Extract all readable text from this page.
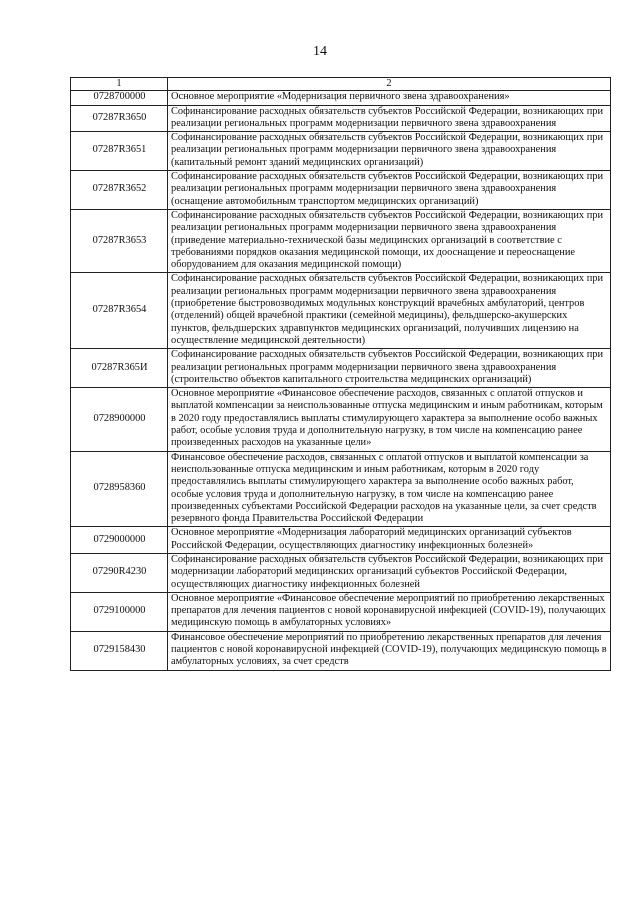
14
1	2
0728700000	Основное мероприятие «Модернизация первичного звена здравоохранения»
07287R3650	Софинансирование расходных обязательств субъектов Российской Федерации, возникающих при реализации региональных программ модернизации первичного звена здравоохранения
07287R3651	Софинансирование расходных обязательств субъектов Российской Федерации, возникающих при реализации региональных программ модернизации первичного звена здравоохранения (капитальный ремонт зданий медицинских организаций)
07287R3652	Софинансирование расходных обязательств субъектов Российской Федерации, возникающих при реализации региональных программ модернизации первичного звена здравоохранения (оснащение автомобильным транспортом медицинских организаций)
07287R3653	Софинансирование расходных обязательств субъектов Российской Федерации, возникающих при реализации региональных программ модернизации первичного звена здравоохранения (приведение материально-технической базы медицинских организаций в соответствие с требованиями порядков оказания медицинской помощи, их дооснащение и переоснащение оборудованием для оказания медицинской помощи)
07287R3654	Софинансирование расходных обязательств субъектов Российской Федерации, возникающих при реализации региональных программ модернизации первичного звена здравоохранения (приобретение быстровозводимых модульных конструкций врачебных амбулаторий, центров (отделений) общей врачебной практики (семейной медицины), фельдшерско-акушерских пунктов, фельдшерских здравпунктов медицинских организаций, получивших лицензию на осуществление медицинской деятельности)
07287R365И	Софинансирование расходных обязательств субъектов Российской Федерации, возникающих при реализации региональных программ модернизации первичного звена здравоохранения (строительство объектов капитального строительства медицинских организаций)
0728900000	Основное мероприятие «Финансовое обеспечение расходов, связанных с оплатой отпусков и выплатой компенсации за неиспользованные отпуска медицинским и иным работникам, которым в 2020 году предоставлялись выплаты стимулирующего характера за выполнение особо важных работ, особые условия труда и дополнительную нагрузку, в том числе на компенсацию ранее произведенных расходов на указанные цели»
0728958360	Финансовое обеспечение расходов, связанных с оплатой отпусков и выплатой компенсации за неиспользованные отпуска медицинским и иным работникам, которым в 2020 году предоставлялись выплаты стимулирующего характера за выполнение особо важных работ, особые условия труда и дополнительную нагрузку, в том числе на компенсацию ранее произведенных субъектами Российской Федерации расходов на указанные цели, за счет средств резервного фонда Правительства Российской Федерации
0729000000	Основное мероприятие «Модернизация лабораторий медицинских организаций субъектов Российской Федерации, осуществляющих диагностику инфекционных болезней»
07290R4230	Софинансирование расходных обязательств субъектов Российской Федерации, возникающих при модернизации лабораторий медицинских организаций субъектов Российской Федерации, осуществляющих диагностику инфекционных болезней
0729100000	Основное мероприятие «Финансовое обеспечение мероприятий по приобретению лекарственных препаратов для лечения пациентов с новой коронавирусной инфекцией (COVID-19), получающих медицинскую помощь в амбулаторных условиях»
0729158430	Финансовое обеспечение мероприятий по приобретению лекарственных препаратов для лечения пациентов с новой коронавирусной инфекцией (COVID-19), получающих медицинскую помощь в амбулаторных условиях, за счет средств
